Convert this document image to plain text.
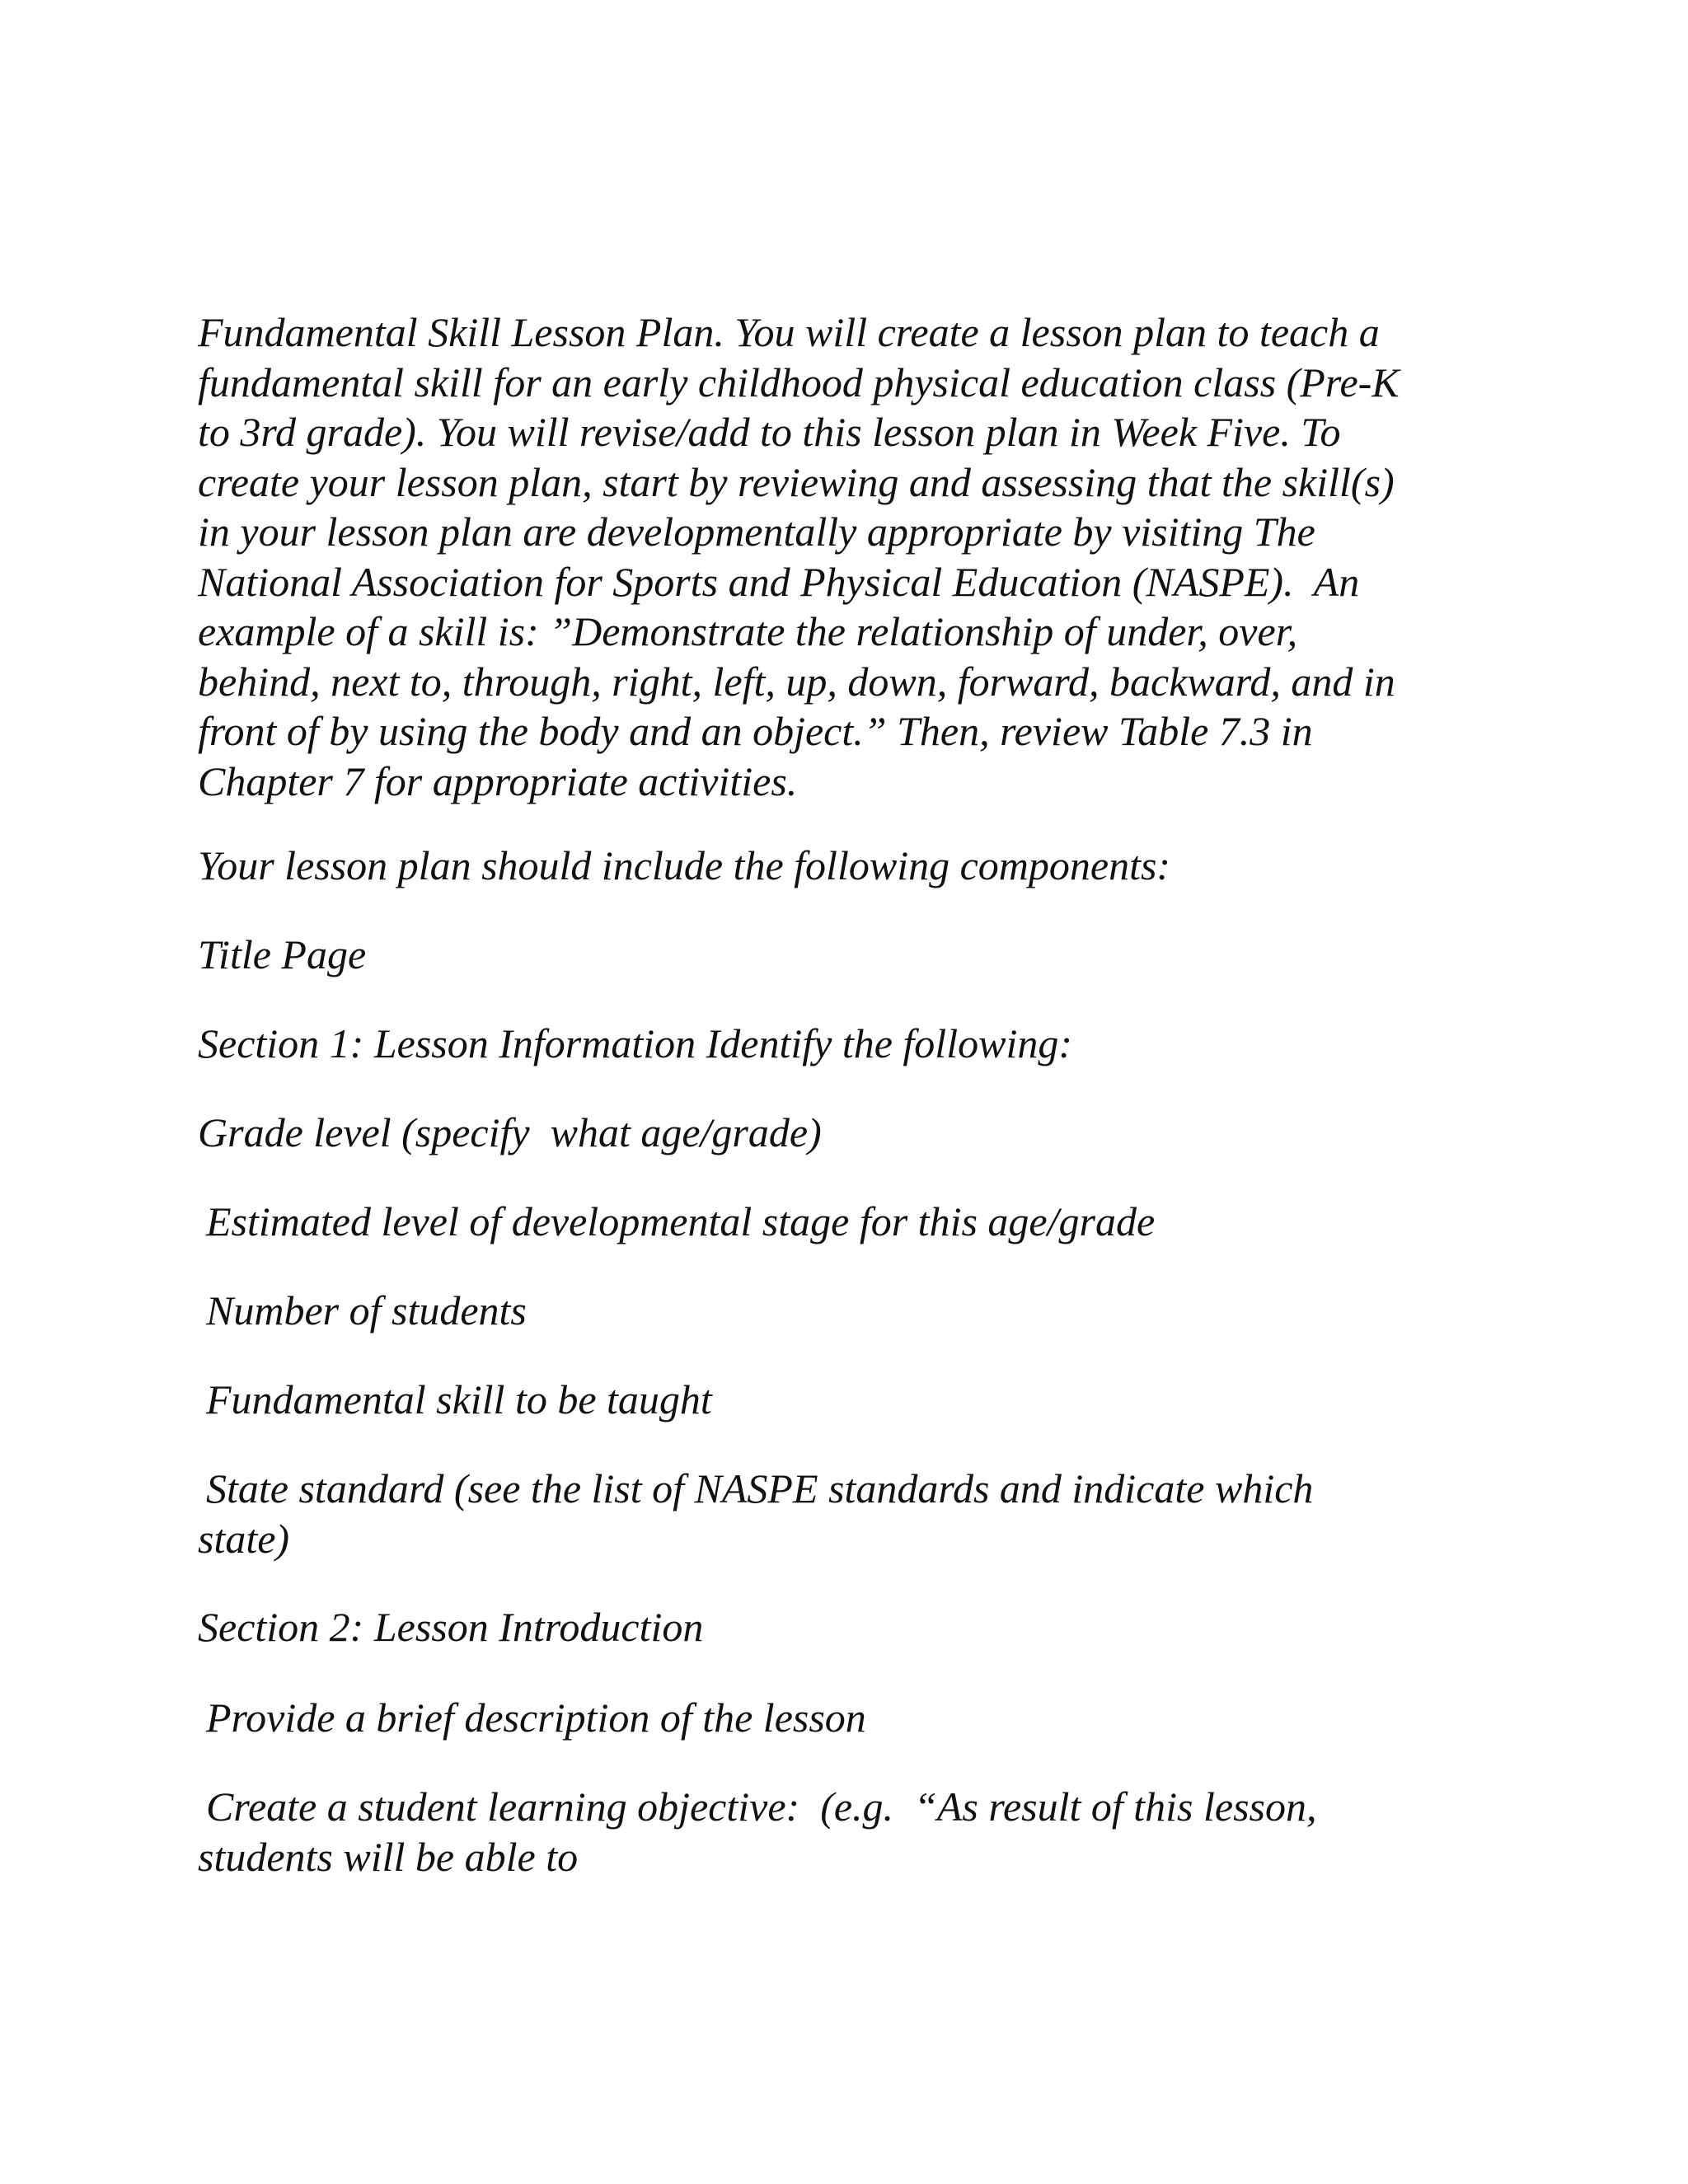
Fundamental Skill Lesson Plan. You will create a lesson plan to teach a
fundamental skill for an early childhood physical education class (Pre-K
to 3rd grade). You will revise/add to this lesson plan in Week Five. To
create your lesson plan, start by reviewing and assessing that the skill(s)
in your lesson plan are developmentally appropriate by visiting The
National Association for Sports and Physical Education (NASPE).  An
example of a skill is: ”Demonstrate the relationship of under, over,
behind, next to, through, right, left, up, down, forward, backward, and in
front of by using the body and an object.” Then, review Table 7.3 in
Chapter 7 for appropriate activities.
Your lesson plan should include the following components:
Title Page
Section 1: Lesson Information Identify the following:
Grade level (specify  what age/grade)
Estimated level of developmental stage for this age/grade
Number of students
Fundamental skill to be taught
State standard (see the list of NASPE standards and indicate which
state)
Section 2: Lesson Introduction
Provide a brief description of the lesson
Create a student learning objective:  (e.g.  “As result of this lesson,
students will be able to
